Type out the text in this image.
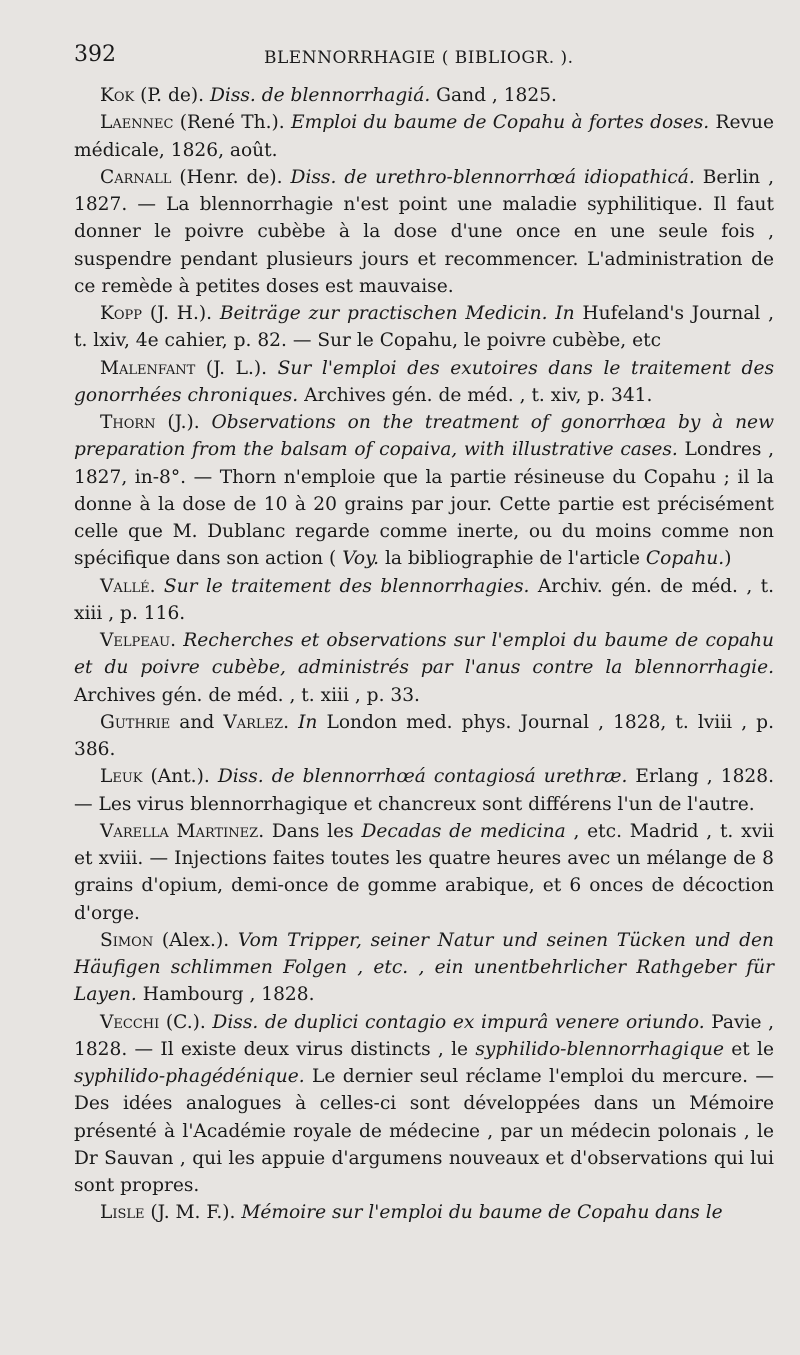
392	BLENNORRHAGIE ( BIBLIOGR. ).

Kok (P. de). Diss. de blennorrhagiá. Gand , 1825.

Laennec (René Th.). Emploi du baume de Copahu à fortes doses. Revue médicale, 1826, août.

Carnall (Henr. de). Diss. de urethro-blennorrhœá idiopathicá. Berlin , 1827. — La blennorrhagie n'est point une maladie syphilitique. Il faut donner le poivre cubèbe à la dose d'une once en une seule fois , suspendre pendant plusieurs jours et recommencer. L'administration de ce remède à petites doses est mauvaise.

Kopp (J. H.). Beiträge zur practischen Medicin. In Hufeland's Journal , t. lxiv, 4e cahier, p. 82. — Sur le Copahu, le poivre cubèbe, etc

Malenfant (J. L.). Sur l'emploi des exutoires dans le traitement des gonorrhées chroniques. Archives gén. de méd. , t. xiv, p. 341.

Thorn (J.). Observations on the treatment of gonorrhœa by à new preparation from the balsam of copaiva, with illustrative cases. Londres , 1827, in-8°. — Thorn n'emploie que la partie résineuse du Copahu ; il la donne à la dose de 10 à 20 grains par jour. Cette partie est précisément celle que M. Dublanc regarde comme inerte, ou du moins comme non spécifique dans son action ( Voy. la bibliographie de l'article Copahu.)

Vallé. Sur le traitement des blennorrhagies. Archiv. gén. de méd. , t. xiii , p. 116.

Velpeau. Recherches et observations sur l'emploi du baume de copahu et du poivre cubèbe, administrés par l'anus contre la blennorrhagie. Archives gén. de méd. , t. xiii , p. 33.

Guthrie and Varlez. In London med. phys. Journal , 1828, t. lviii , p. 386.

Leuk (Ant.). Diss. de blennorrhœá contagiosá urethræ. Erlang , 1828. — Les virus blennorrhagique et chancreux sont différens l'un de l'autre.

Varella Martinez. Dans les Decadas de medicina , etc. Madrid , t. xvii et xviii. — Injections faites toutes les quatre heures avec un mélange de 8 grains d'opium, demi-once de gomme arabique, et 6 onces de décoction d'orge.

Simon (Alex.). Vom Tripper, seiner Natur und seinen Tücken und den Häufigen schlimmen Folgen , etc. , ein unentbehrlicher Rathgeber für Layen. Hambourg , 1828.

Vecchi (C.). Diss. de duplici contagio ex impurâ venere oriundo. Pavie , 1828. — Il existe deux virus distincts , le syphilido-blennorrhagique et le syphilido-phagédénique. Le dernier seul réclame l'emploi du mercure. — Des idées analogues à celles-ci sont développées dans un Mémoire présenté à l'Académie royale de médecine , par un médecin polonais , le Dr Sauvan , qui les appuie d'argumens nouveaux et d'observations qui lui sont propres.

Lisle (J. M. F.). Mémoire sur l'emploi du baume de Copahu dans le
